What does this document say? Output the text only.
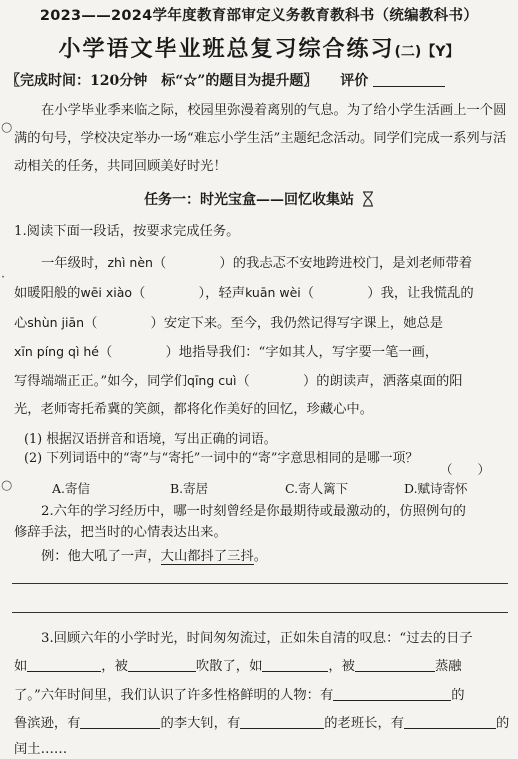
○
·
○
2023——2024学年度教育部审定义务教育教科书（统编教科书）
小学语文毕业班总复习综合练习(二)【Y】
〖完成时间：120分钟　标“☆”的题目为提升题〗 评价
在小学毕业季来临之际，校园里弥漫着离别的气息。为了给小学生活画上一个圆满的句号，学校决定举办一场“难忘小学生活”主题纪念活动。同学们完成一系列与活动相关的任务，共同回顾美好时光！
任务一：时光宝盒——回忆收集站
1.阅读下面一段话，按要求完成任务。
一年级时，zhì nèn（　　　　）的我忐忑不安地跨进校门，是刘老师带着
如暖阳般的wēi xiào（　　　　），轻声kuān wèi（　　　　）我，让我慌乱的
心shùn jiān（　　　　）安定下来。至今，我仍然记得写字课上，她总是
xīn píng qì hé（　　　　）地指导我们：“字如其人，写字要一笔一画，
写得端端正正。”如今，同学们qīng cuì（　　　　）的朗读声，洒落桌面的阳
光，老师寄托希冀的笑颜，都将化作美好的回忆，珍藏心中。
(1) 根据汉语拼音和语境，写出正确的词语。
(2) 下列词语中的“寄”与“寄托”一词中的“寄”字意思相同的是哪一项？
（　　）
A.寄信	B.寄居	C.寄人篱下	D.赋诗寄怀
2.六年的学习经历中，哪一时刻曾经是你最期待或最激动的，仿照例句的
修辞手法，把当时的心情表达出来。
例：他大吼了一声，大山都抖了三抖。
3.回顾六年的小学时光，时间匆匆流过，正如朱自清的叹息：“过去的日子
如	，被	吹散了，如	，被	蒸融
了。”六年时间里，我们认识了许多性格鲜明的人物：有	的
鲁滨逊，有	的李大钊，有	的老班长，有	的
闰土……
